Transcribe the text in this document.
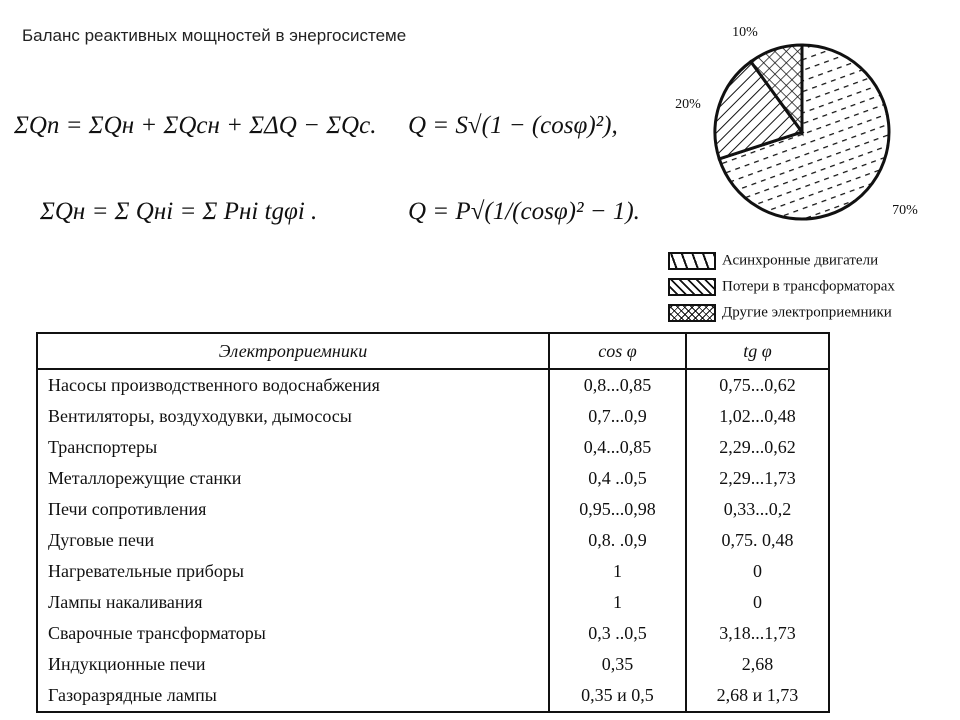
Баланс реактивных мощностей в энергосистеме
ΣQп = ΣQн + ΣQсн + ΣΔQ − ΣQс. Q = S√(1 − (cosφ)²),
ΣQн = Σ Qнi = Σ Pнi tgφi .	Q = P√(1/(cosφ)² − 1).	70%
20%
10%
Асинхронные двигатели
Потери в трансформаторах
Другие электроприемники
Электроприемники	cos φ	tg φ
Насосы производственного водоснабжения	0,8...0,85	0,75...0,62
Вентиляторы, воздуходувки, дымососы	0,7...0,9	1,02...0,48
Транспортеры	0,4...0,85	2,29...0,62
Металлорежущие станки	0,4 ..0,5	2,29...1,73
Печи сопротивления	0,95...0,98	0,33...0,2
Дуговые печи	0,8. .0,9	0,75. 0,48
Нагревательные приборы	1	0
Лампы накаливания	1	0
Сварочные трансформаторы	0,3 ..0,5	3,18...1,73
Индукционные печи	0,35	2,68
Газоразрядные лампы	0,35 и 0,5	2,68 и 1,73
